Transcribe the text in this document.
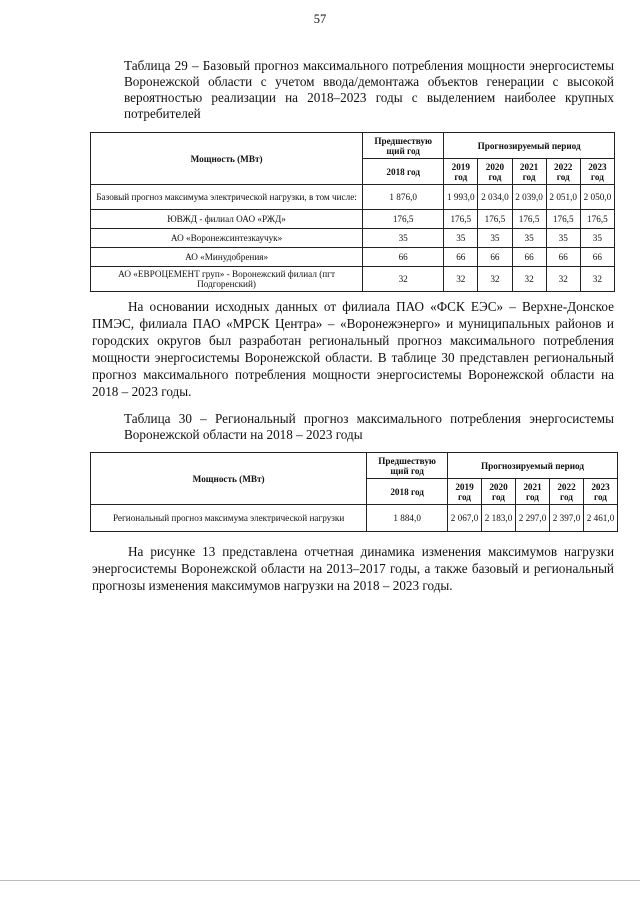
57
Таблица 29 – Базовый прогноз максимального потребления мощности энергосистемы Воронежской области с учетом ввода/демонтажа объектов генерации с высокой вероятностью реализации на 2018–2023 годы с выделением наиболее крупных потребителей
Мощность (МВт)	Предшествую щий год	Прогнозируемый период				
	2018 год	2019 год	2020 год	2021 год	2022 год	2023 год
Базовый прогноз максимума электрической нагрузки, в том числе:	1 876,0	1 993,0	2 034,0	2 039,0	2 051,0	2 050,0
ЮВЖД - филиал ОАО «РЖД»	176,5	176,5	176,5	176,5	176,5	176,5
АО «Воронежсинтезкаучук»	35	35	35	35	35	35
АО «Минудобрения»	66	66	66	66	66	66
АО «ЕВРОЦЕМЕНТ груп» - Воронежский филиал (пгт Подгоренский)	32	32	32	32	32	32
На основании исходных данных от филиала ПАО «ФСК ЕЭС» – Верхне-Донское ПМЭС, филиала ПАО «МРСК Центра» – «Воронежэнерго» и муниципальных районов и городских округов был разработан региональный прогноз максимального потребления мощности энергосистемы Воронежской области. В таблице 30 представлен региональный прогноз максимального потребления мощности энергосистемы Воронежской области на 2018 – 2023 годы.
Таблица 30 – Региональный прогноз максимального потребления энергосистемы Воронежской области на 2018 – 2023 годы
Мощность (МВт)	Предшествую щий год	Прогнозируемый период				
	2018 год	2019 год	2020 год	2021 год	2022 год	2023 год
Региональный прогноз максимума электрической нагрузки	1 884,0	2 067,0	2 183,0	2 297,0	2 397,0	2 461,0
На рисунке 13 представлена отчетная динамика изменения максимумов нагрузки энергосистемы Воронежской области на 2013–2017 годы, а также базовый и региональный прогнозы изменения максимумов нагрузки на 2018 – 2023 годы.
